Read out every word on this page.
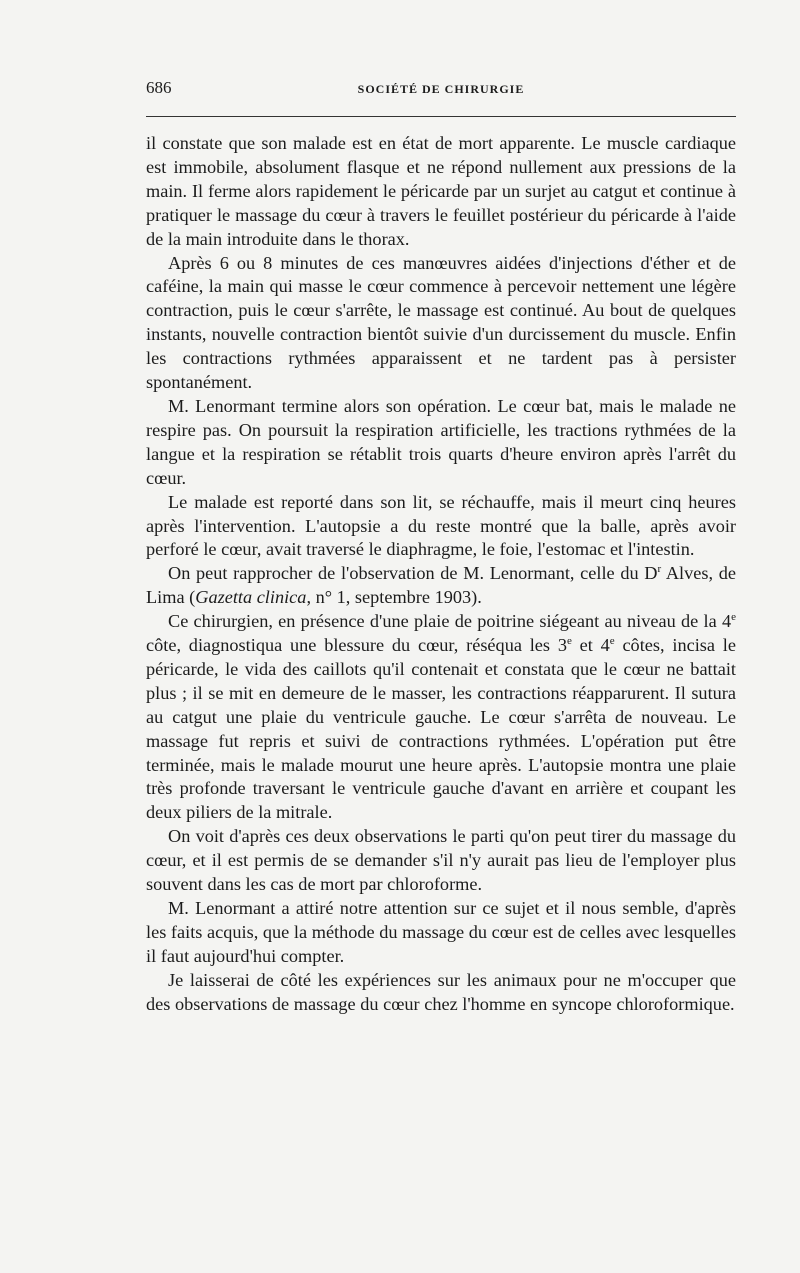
686	SOCIÉTÉ DE CHIRURGIE

il constate que son malade est en état de mort apparente. Le muscle cardiaque est immobile, absolument flasque et ne répond nullement aux pressions de la main. Il ferme alors rapidement le péricarde par un surjet au catgut et continue à pratiquer le massage du cœur à travers le feuillet postérieur du péricarde à l'aide de la main introduite dans le thorax.

Après 6 ou 8 minutes de ces manœuvres aidées d'injections d'éther et de caféine, la main qui masse le cœur commence à percevoir nettement une légère contraction, puis le cœur s'arrête, le massage est continué. Au bout de quelques instants, nouvelle contraction bientôt suivie d'un durcissement du muscle. Enfin les contractions rythmées apparaissent et ne tardent pas à persister spontanément.

M. Lenormant termine alors son opération. Le cœur bat, mais le malade ne respire pas. On poursuit la respiration artificielle, les tractions rythmées de la langue et la respiration se rétablit trois quarts d'heure environ après l'arrêt du cœur.

Le malade est reporté dans son lit, se réchauffe, mais il meurt cinq heures après l'intervention. L'autopsie a du reste montré que la balle, après avoir perforé le cœur, avait traversé le diaphragme, le foie, l'estomac et l'intestin.

On peut rapprocher de l'observation de M. Lenormant, celle du $D^r$ Alves, de Lima (Gazetta clinica, n° 1, septembre 1903).

Ce chirurgien, en présence d'une plaie de poitrine siégeant au niveau de la 4e côte, diagnostiqua une blessure du cœur, réséqua les 3e et 4e côtes, incisa le péricarde, le vida des caillots qu'il contenait et constata que le cœur ne battait plus ; il se mit en demeure de le masser, les contractions réapparurent. Il sutura au catgut une plaie du ventricule gauche. Le cœur s'arrêta de nouveau. Le massage fut repris et suivi de contractions rythmées. L'opération put être terminée, mais le malade mourut une heure après. L'autopsie montra une plaie très profonde traversant le ventricule gauche d'avant en arrière et coupant les deux piliers de la mitrale.

On voit d'après ces deux observations le parti qu'on peut tirer du massage du cœur, et il est permis de se demander s'il n'y aurait pas lieu de l'employer plus souvent dans les cas de mort par chloroforme.

M. Lenormant a attiré notre attention sur ce sujet et il nous semble, d'après les faits acquis, que la méthode du massage du cœur est de celles avec lesquelles il faut aujourd'hui compter.

Je laisserai de côté les expériences sur les animaux pour ne m'occuper que des observations de massage du cœur chez l'homme en syncope chloroformique.
